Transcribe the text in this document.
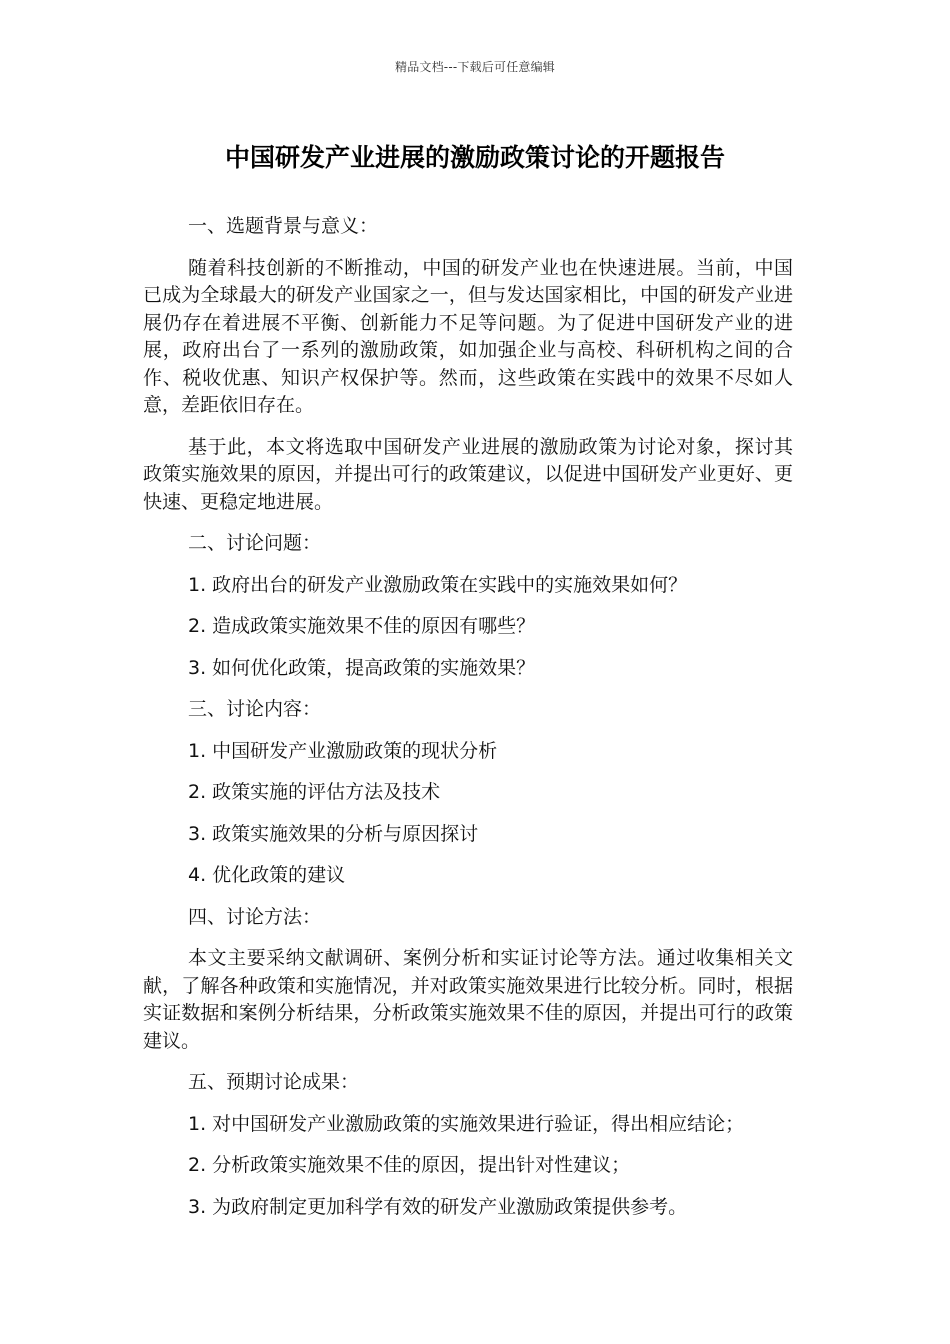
精品文档---下载后可任意编辑
中国研发产业进展的激励政策讨论的开题报告

一、选题背景与意义：

随着科技创新的不断推动，中国的研发产业也在快速进展。当前，中国已成为全球最大的研发产业国家之一，但与发达国家相比，中国的研发产业进展仍存在着进展不平衡、创新能力不足等问题。为了促进中国研发产业的进展，政府出台了一系列的激励政策，如加强企业与高校、科研机构之间的合作、税收优惠、知识产权保护等。然而，这些政策在实践中的效果不尽如人意，差距依旧存在。

基于此，本文将选取中国研发产业进展的激励政策为讨论对象，探讨其政策实施效果的原因，并提出可行的政策建议，以促进中国研发产业更好、更快速、更稳定地进展。

二、讨论问题：

1. 政府出台的研发产业激励政策在实践中的实施效果如何？

2. 造成政策实施效果不佳的原因有哪些？

3. 如何优化政策，提高政策的实施效果？

三、讨论内容：

1. 中国研发产业激励政策的现状分析

2. 政策实施的评估方法及技术

3. 政策实施效果的分析与原因探讨

4. 优化政策的建议

四、讨论方法：

本文主要采纳文献调研、案例分析和实证讨论等方法。通过收集相关文献，了解各种政策和实施情况，并对政策实施效果进行比较分析。同时，根据实证数据和案例分析结果，分析政策实施效果不佳的原因，并提出可行的政策建议。

五、预期讨论成果：

1. 对中国研发产业激励政策的实施效果进行验证，得出相应结论；

2. 分析政策实施效果不佳的原因，提出针对性建议；

3. 为政府制定更加科学有效的研发产业激励政策提供参考。
